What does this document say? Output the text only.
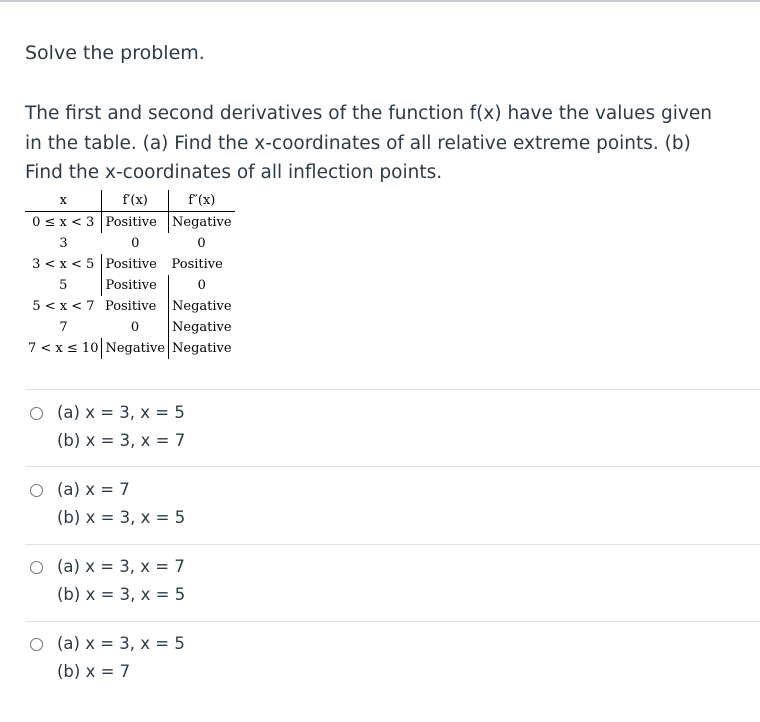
Solve the problem.
The first and second derivatives of the function f(x) have the values given in the table. (a) Find the x-coordinates of all relative extreme points. (b) Find the x-coordinates of all inflection points.
x	f′(x)	f″(x)
0 ≤ x < 3	Positive	Negative
3	0	0
3 < x < 5	Positive	Positive
5	Positive	0
5 < x < 7	Positive	Negative
7	0	Negative
7 < x ≤ 10	Negative	Negative
(a) x = 3, x = 5
(b) x = 3, x = 7
(a) x = 7
(b) x = 3, x = 5
(a) x = 3, x = 7
(b) x = 3, x = 5
(a) x = 3, x = 5
(b) x = 7
